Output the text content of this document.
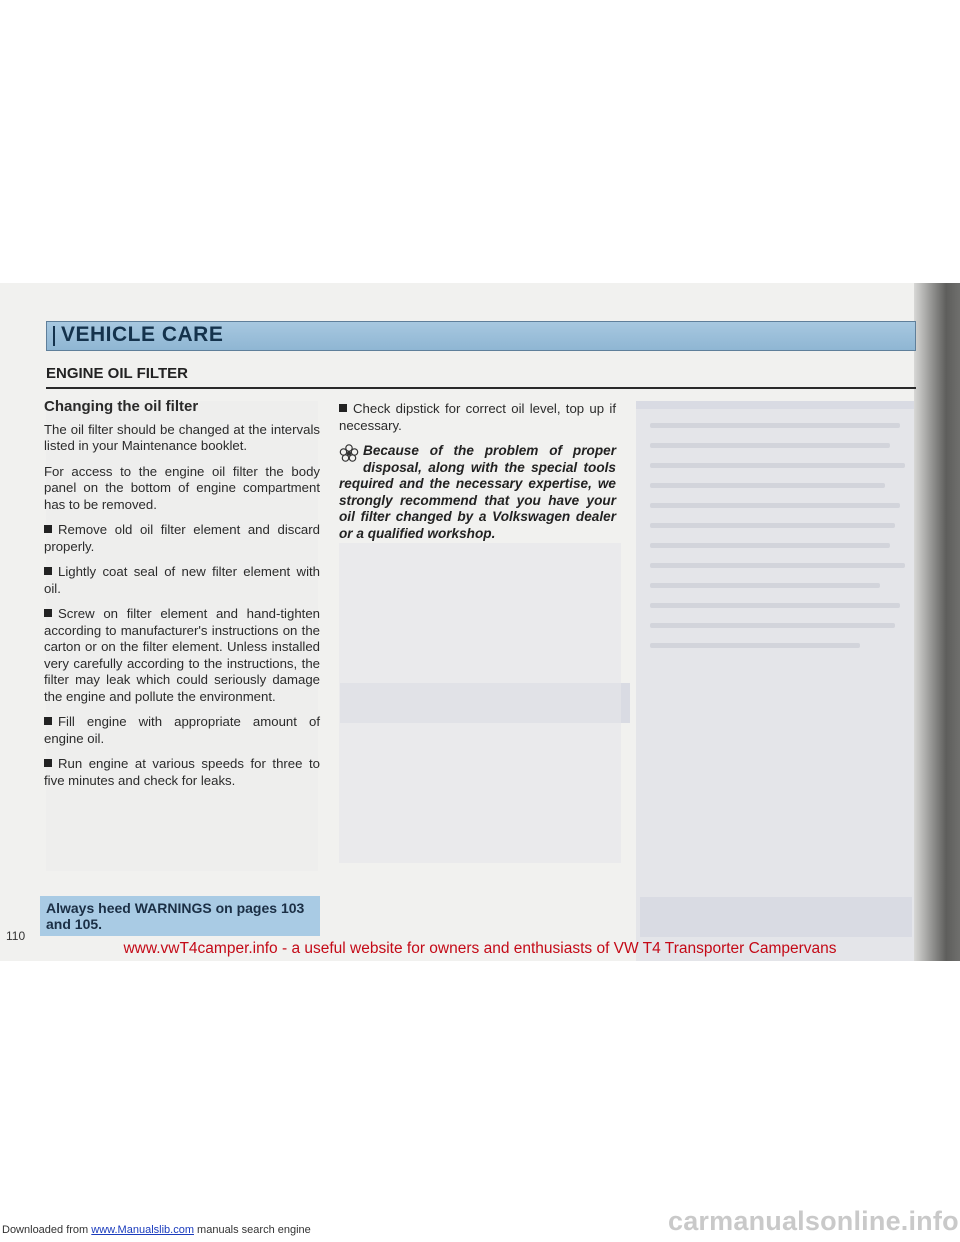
VEHICLE CARE
ENGINE OIL FILTER
Changing the oil filter

The oil filter should be changed at the intervals listed in your Maintenance booklet.

For access to the engine oil filter the body panel on the bottom of engine compartment has to be removed.

Remove old oil filter element and discard properly.

Lightly coat seal of new filter element with oil.

Screw on filter element and hand-tighten according to manufacturer's instructions on the carton or on the filter element. Unless installed very carefully according to the instructions, the filter may leak which could seriously damage the engine and pollute the environment.

Fill engine with appropriate amount of engine oil.

Run engine at various speeds for three to five minutes and check for leaks.

Check dipstick for correct oil level, top up if necessary.

Because of the problem of proper disposal, along with the special tools required and the necessary expertise, we strongly recommend that you have your oil filter changed by a Volkswagen dealer or a qualified workshop.
Always heed WARNINGS on pages 103 and 105.
110
www.vwT4camper.info - a useful website for owners and enthusiasts of VW T4 Transporter Campervans
Downloaded from www.Manualslib.com manuals search engine	carmanualsonline.info
